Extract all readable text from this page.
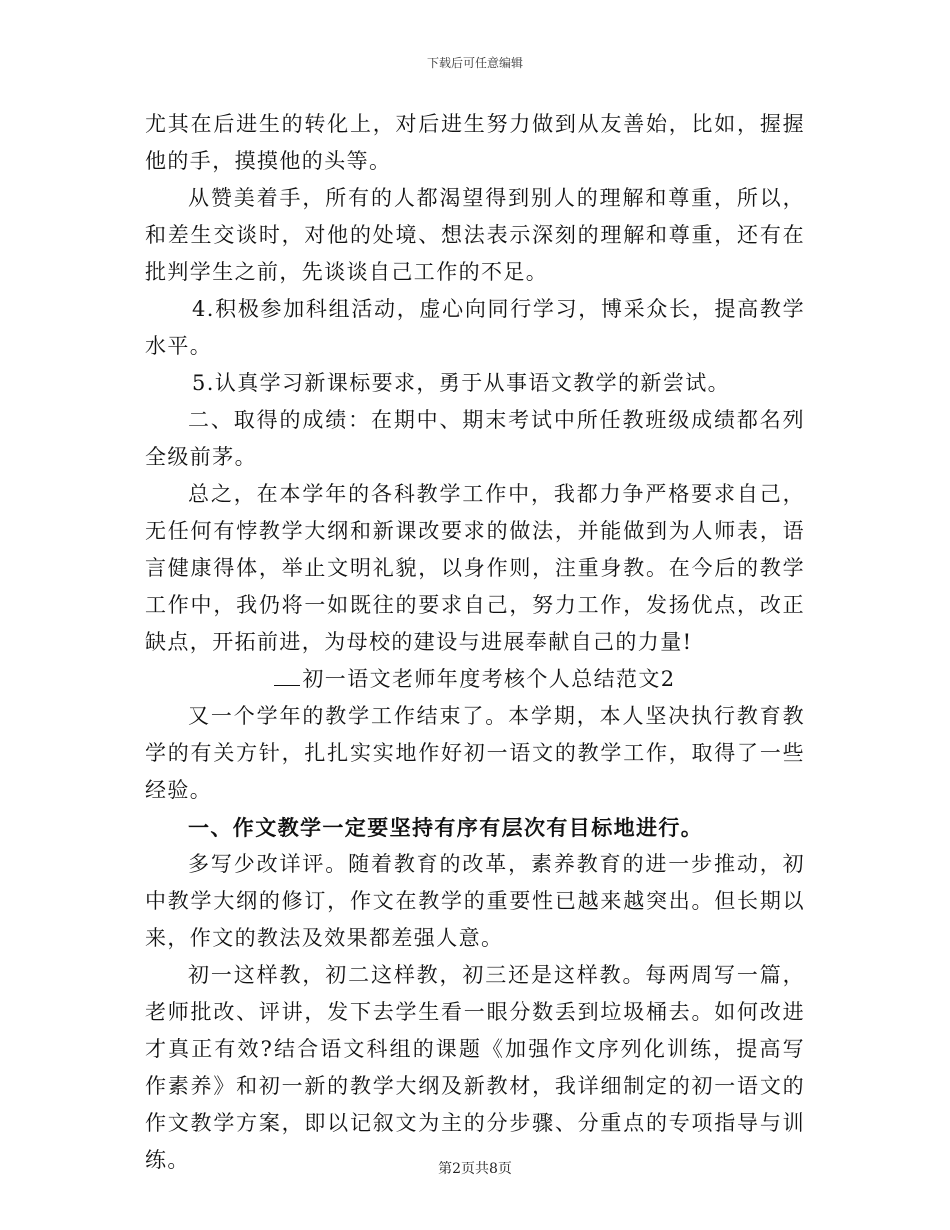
下载后可任意编辑

尤其在后进生的转化上，对后进生努力做到从友善始，比如，握握他的手，摸摸他的头等。

从赞美着手，所有的人都渴望得到别人的理解和尊重，所以，和差生交谈时，对他的处境、想法表示深刻的理解和尊重，还有在批判学生之前，先谈谈自己工作的不足。

4.积极参加科组活动，虚心向同行学习，博采众长，提高教学水平。

5.认真学习新课标要求，勇于从事语文教学的新尝试。

二、取得的成绩：在期中、期末考试中所任教班级成绩都名列全级前茅。

总之，在本学年的各科教学工作中，我都力争严格要求自己，无任何有悖教学大纲和新课改要求的做法，并能做到为人师表，语言健康得体，举止文明礼貌，以身作则，注重身教。在今后的教学工作中，我仍将一如既往的要求自己，努力工作，发扬优点，改正缺点，开拓前进，为母校的建设与进展奉献自己的力量!

初一语文老师年度考核个人总结范文2

又一个学年的教学工作结束了。本学期，本人坚决执行教育教学的有关方针，扎扎实实地作好初一语文的教学工作，取得了一些经验。

一、作文教学一定要坚持有序有层次有目标地进行。

多写少改详评。随着教育的改革，素养教育的进一步推动，初中教学大纲的修订，作文在教学的重要性已越来越突出。但长期以来，作文的教法及效果都差强人意。

初一这样教，初二这样教，初三还是这样教。每两周写一篇，老师批改、评讲，发下去学生看一眼分数丢到垃圾桶去。如何改进才真正有效?结合语文科组的课题《加强作文序列化训练，提高写作素养》和初一新的教学大纲及新教材，我详细制定的初一语文的作文教学方案，即以记叙文为主的分步骤、分重点的专项指导与训练。	第2页共8页
